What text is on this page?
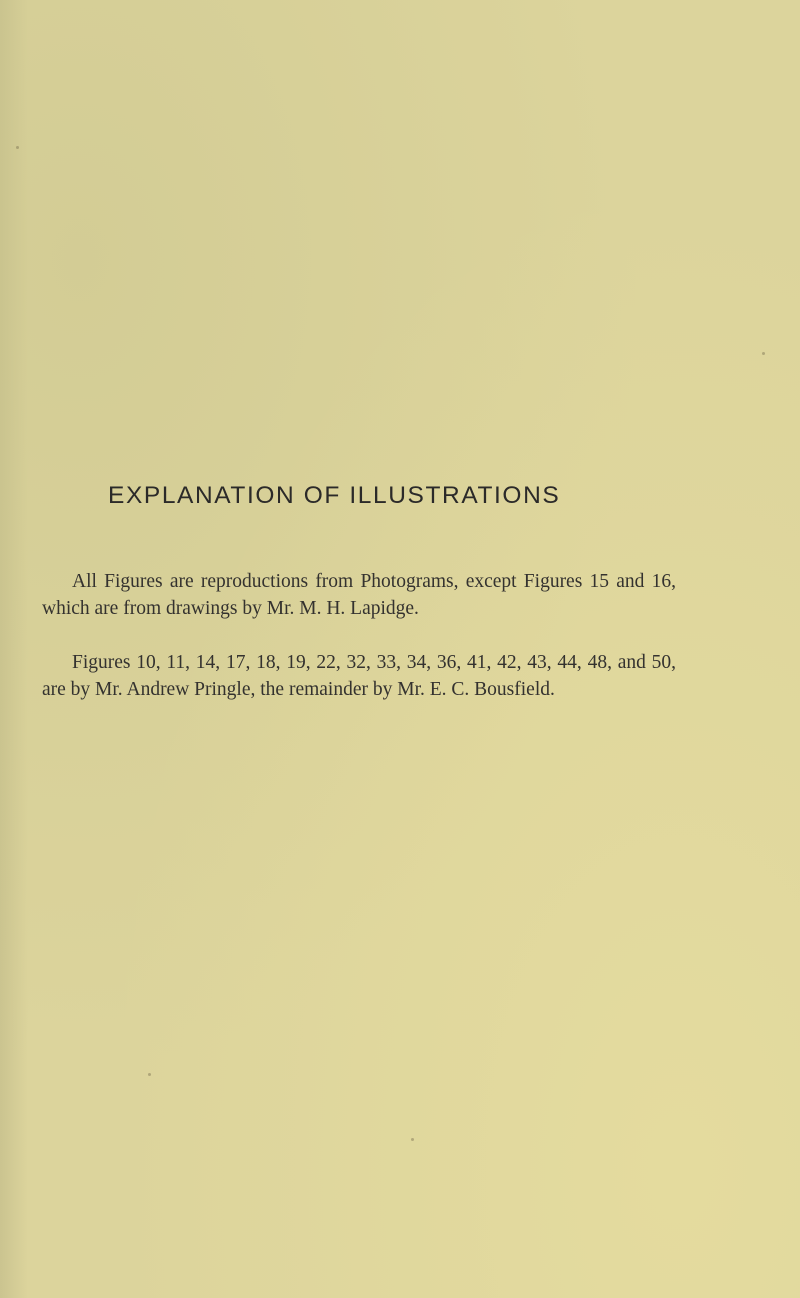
EXPLANATION OF ILLUSTRATIONS

All Figures are reproductions from Photograms, except Figures 15 and 16, which are from drawings by Mr. M. H. Lapidge.

Figures 10, 11, 14, 17, 18, 19, 22, 32, 33, 34, 36, 41, 42, 43, 44, 48, and 50, are by Mr. Andrew Pringle, the remainder by Mr. E. C. Bousfield.
